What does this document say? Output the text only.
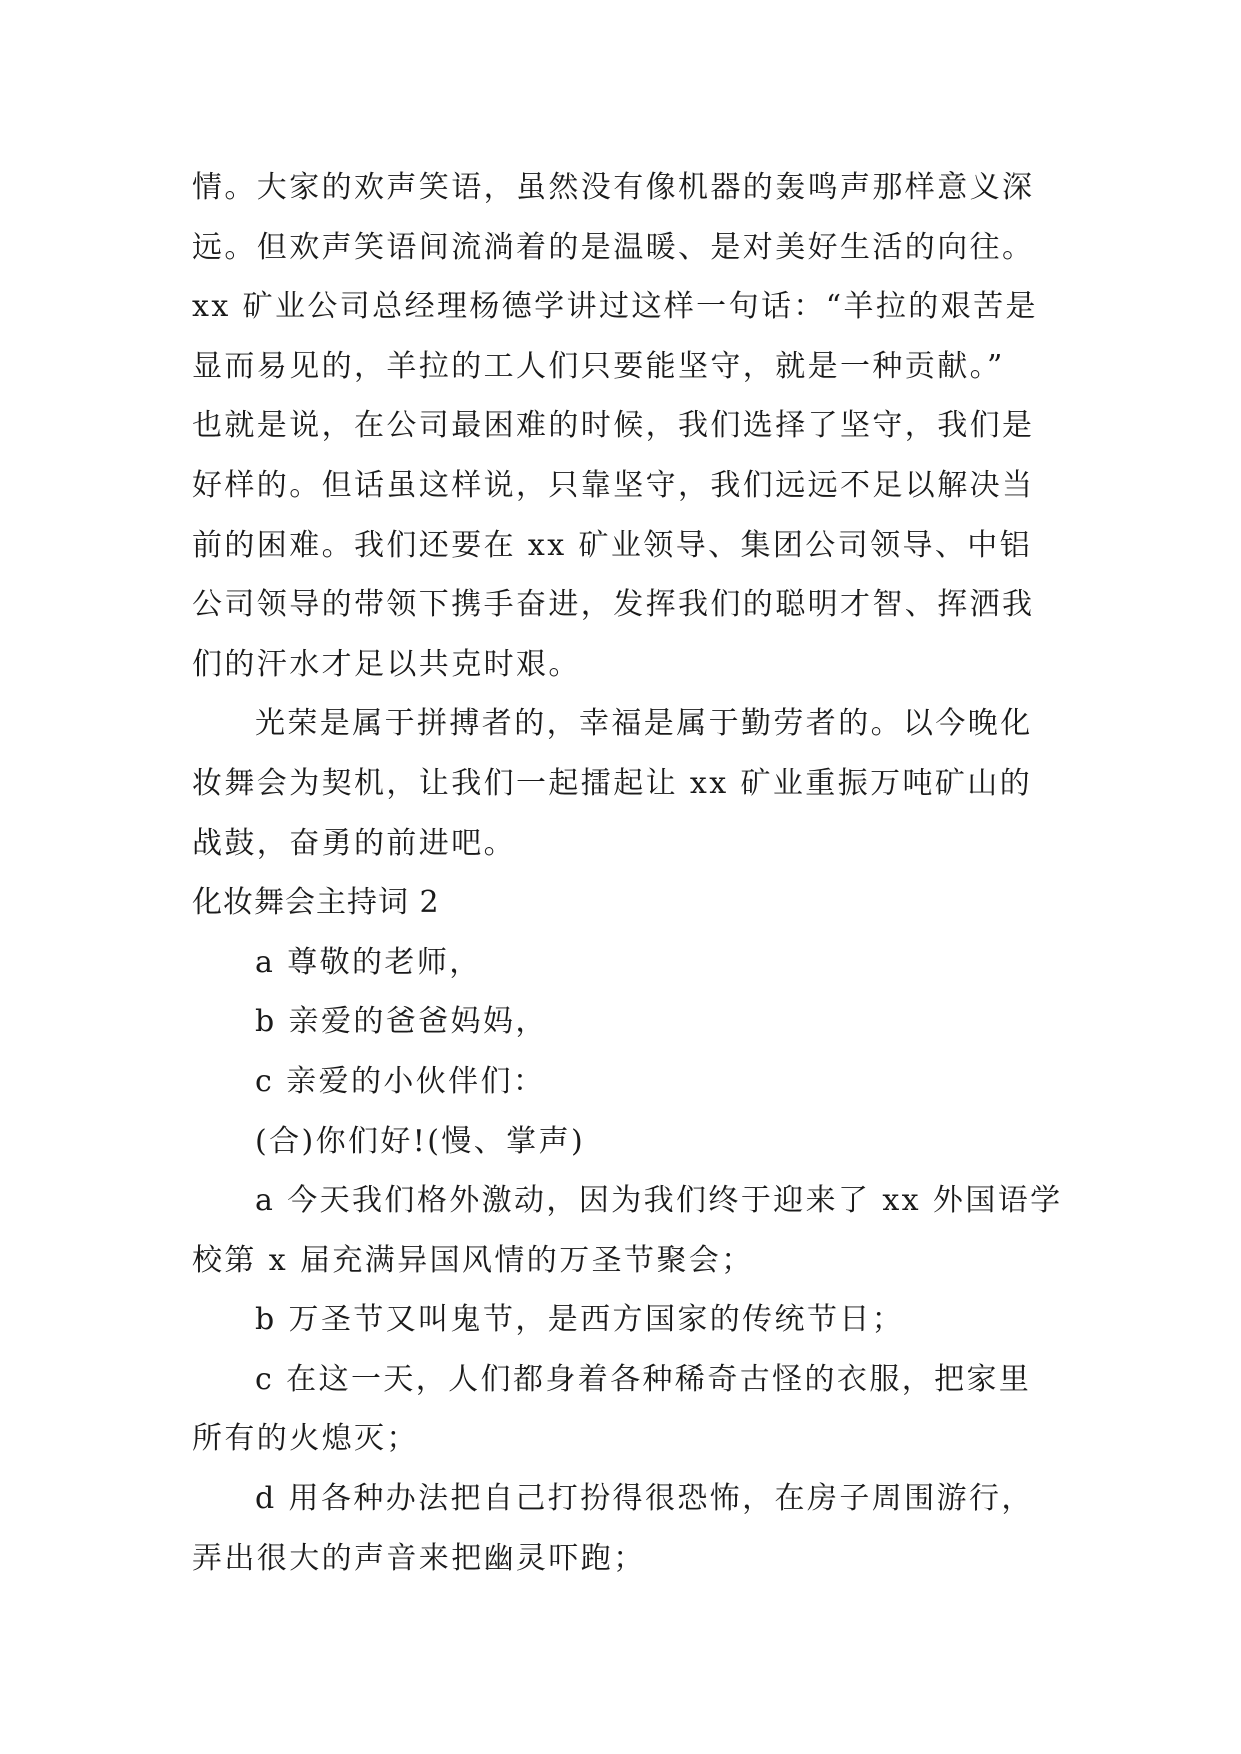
情。大家的欢声笑语，虽然没有像机器的轰鸣声那样意义深
远。但欢声笑语间流淌着的是温暖、是对美好生活的向往。
xx 矿业公司总经理杨德学讲过这样一句话：“羊拉的艰苦是
显而易见的，羊拉的工人们只要能坚守，就是一种贡献。”
也就是说，在公司最困难的时候，我们选择了坚守，我们是
好样的。但话虽这样说，只靠坚守，我们远远不足以解决当
前的困难。我们还要在 xx 矿业领导、集团公司领导、中铝
公司领导的带领下携手奋进，发挥我们的聪明才智、挥洒我
们的汗水才足以共克时艰。
光荣是属于拼搏者的，幸福是属于勤劳者的。以今晚化
妆舞会为契机，让我们一起擂起让 xx 矿业重振万吨矿山的
战鼓，奋勇的前进吧。
化妆舞会主持词 2
a 尊敬的老师，
b 亲爱的爸爸妈妈，
c 亲爱的小伙伴们：
(合)你们好!(慢、掌声)
a 今天我们格外激动，因为我们终于迎来了 xx 外国语学
校第 x 届充满异国风情的万圣节聚会；
b 万圣节又叫鬼节，是西方国家的传统节日；
c 在这一天，人们都身着各种稀奇古怪的衣服，把家里
所有的火熄灭；
d 用各种办法把自己打扮得很恐怖，在房子周围游行，
弄出很大的声音来把幽灵吓跑；
